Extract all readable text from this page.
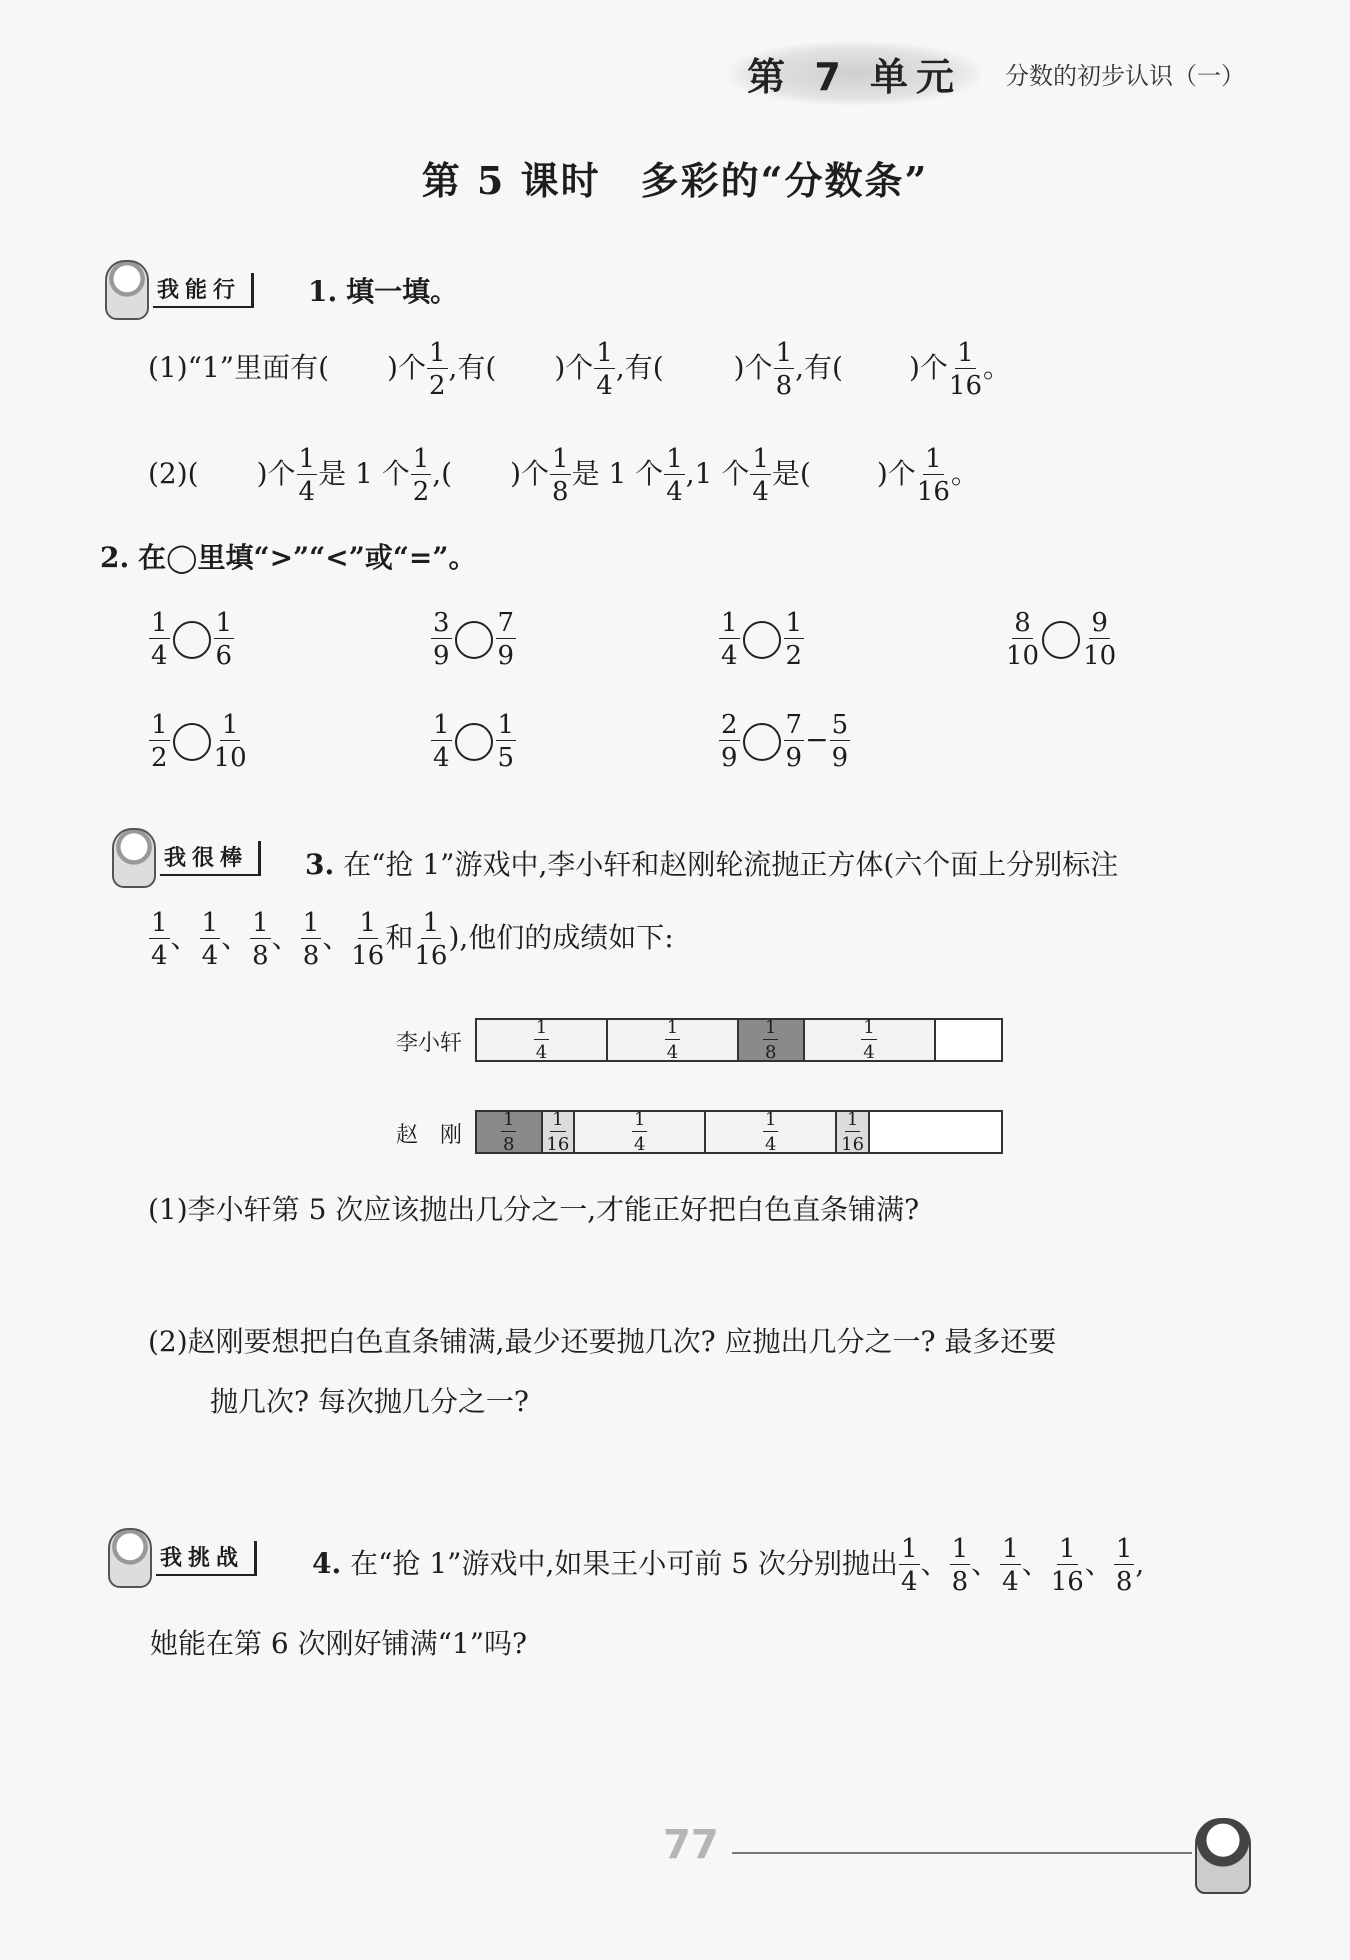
第 7 单元	分数的初步认识（一）
第 5 课时　多彩的“分数条”
我能行	1. 填一填。
(1)“1”里面有( )个 $\frac{1}{2}$ ,有( )个 $\frac{1}{4}$ ,有(	)个 $\frac{1}{8}$ ,有( )个 $\frac{1}{16}$ 。
(2)( )个 $\frac{1}{4}$ 是 1 个 $\frac{1}{2}$ ,( )个 $\frac{1}{8}$ 是 1 个 $\frac{1}{4} ,1$ 个 $\frac{1}{4}$ 是( )个 $\frac{1}{16}$ 。
2. 在◯里填“>”“<”或“=”。
$\frac{1}{4} \frac{1}{6}$	$\frac{3}{9} \frac{7}{9}$	$\frac{1}{4} \frac{1}{2}$	$\frac{8}{10} \frac{9}{10}$
$\frac{1}{2} \frac{1}{10}$	$\frac{1}{4} \frac{1}{5}$	$\frac{2}{9} \frac{7}{9} - \frac{5}{9}$
我很棒	3. 在“抢 1”游戏中,李小轩和赵刚轮流抛正方体(六个面上分别标注
$\frac{1}{4}$ 、 $\frac{1}{4}$ 、 $\frac{1}{8}$ 、 $\frac{1}{8}$ 、 $\frac{1}{16}$ 和 $\frac{1}{16}$ ),他们的成绩如下:
李小轩	$\frac{1}{4}$	$\frac{1}{4}$	$\frac{1}{8}$	$\frac{1}{4}$
赵　刚 $\frac{1}{8} \frac{1}{16}$	$\frac{1}{4}$	$\frac{1}{4}$	$\frac{1}{16}$
(1)李小轩第 5 次应该抛出几分之一,才能正好把白色直条铺满?
(2)赵刚要想把白色直条铺满,最少还要抛几次? 应抛出几分之一? 最多还要
抛几次? 每次抛几分之一?
我挑战	4. 在“抢 1”游戏中,如果王小可前 5 次分别抛出 $\frac{1}{4}$ 、 $\frac{1}{8}$ 、 $\frac{1}{4}$ 、 $\frac{1}{16}$ 、 $\frac{1}{8}$ ,
她能在第 6 次刚好铺满“1”吗?
77
